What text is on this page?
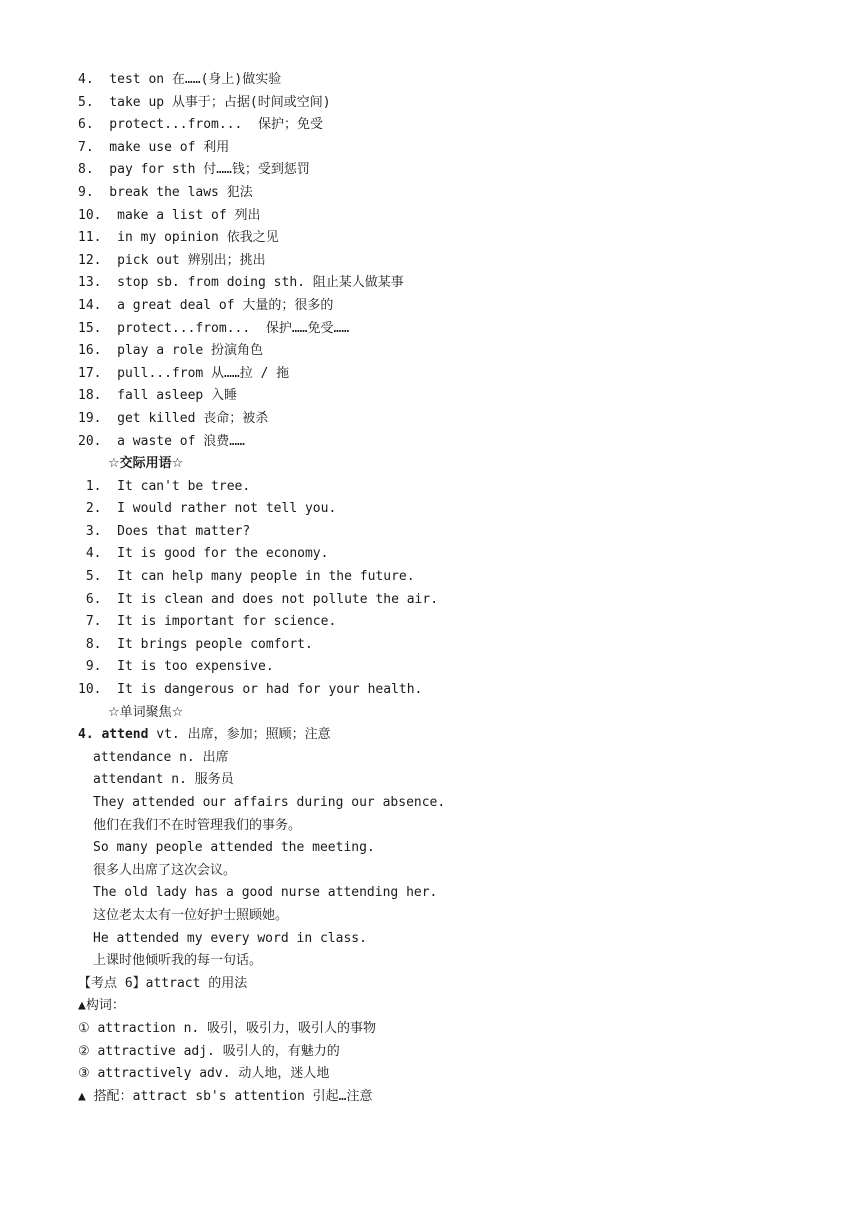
4.  test on 在……(身上)做实验

5.  take up 从事于；占据(时间或空间)

6.  protect...from...  保护；免受

7.  make use of 利用

8.  pay for sth 付……钱；受到惩罚

9.  break the laws 犯法

10.  make a list of 列出

11.  in my opinion 依我之见

12.  pick out 辨别出；挑出

13.  stop sb. from doing sth. 阻止某人做某事

14.  a great deal of 大量的；很多的

15.  protect...from...  保护……免受……

16.  play a role 扮演角色

17.  pull...from 从……拉 / 拖

18.  fall asleep 入睡

19.  get killed 丧命；被杀

20.  a waste of 浪费……

☆交际用语☆

1.  It can't be tree.

2.  I would rather not tell you.

3.  Does that matter?

4.  It is good for the economy.

5.  It can help many people in the future.

6.  It is clean and does not pollute the air.

7.  It is important for science.

8.  It brings people comfort.

9.  It is too expensive.

10.  It is dangerous or had for your health.

☆单词聚焦☆

4. attend vt. 出席，参加；照顾；注意

attendance n. 出席

attendant n. 服务员

They attended our affairs during our absence.

他们在我们不在时管理我们的事务。

So many people attended the meeting.

很多人出席了这次会议。

The old lady has a good nurse attending her.

这位老太太有一位好护士照顾她。

He attended my every word in class.

上课时他倾听我的每一句话。

【考点 6】attract 的用法

▲构词：

① attraction n. 吸引，吸引力，吸引人的事物

② attractive adj. 吸引人的，有魅力的

③ attractively adv. 动人地，迷人地

▲ 搭配：attract sb's attention 引起…注意
